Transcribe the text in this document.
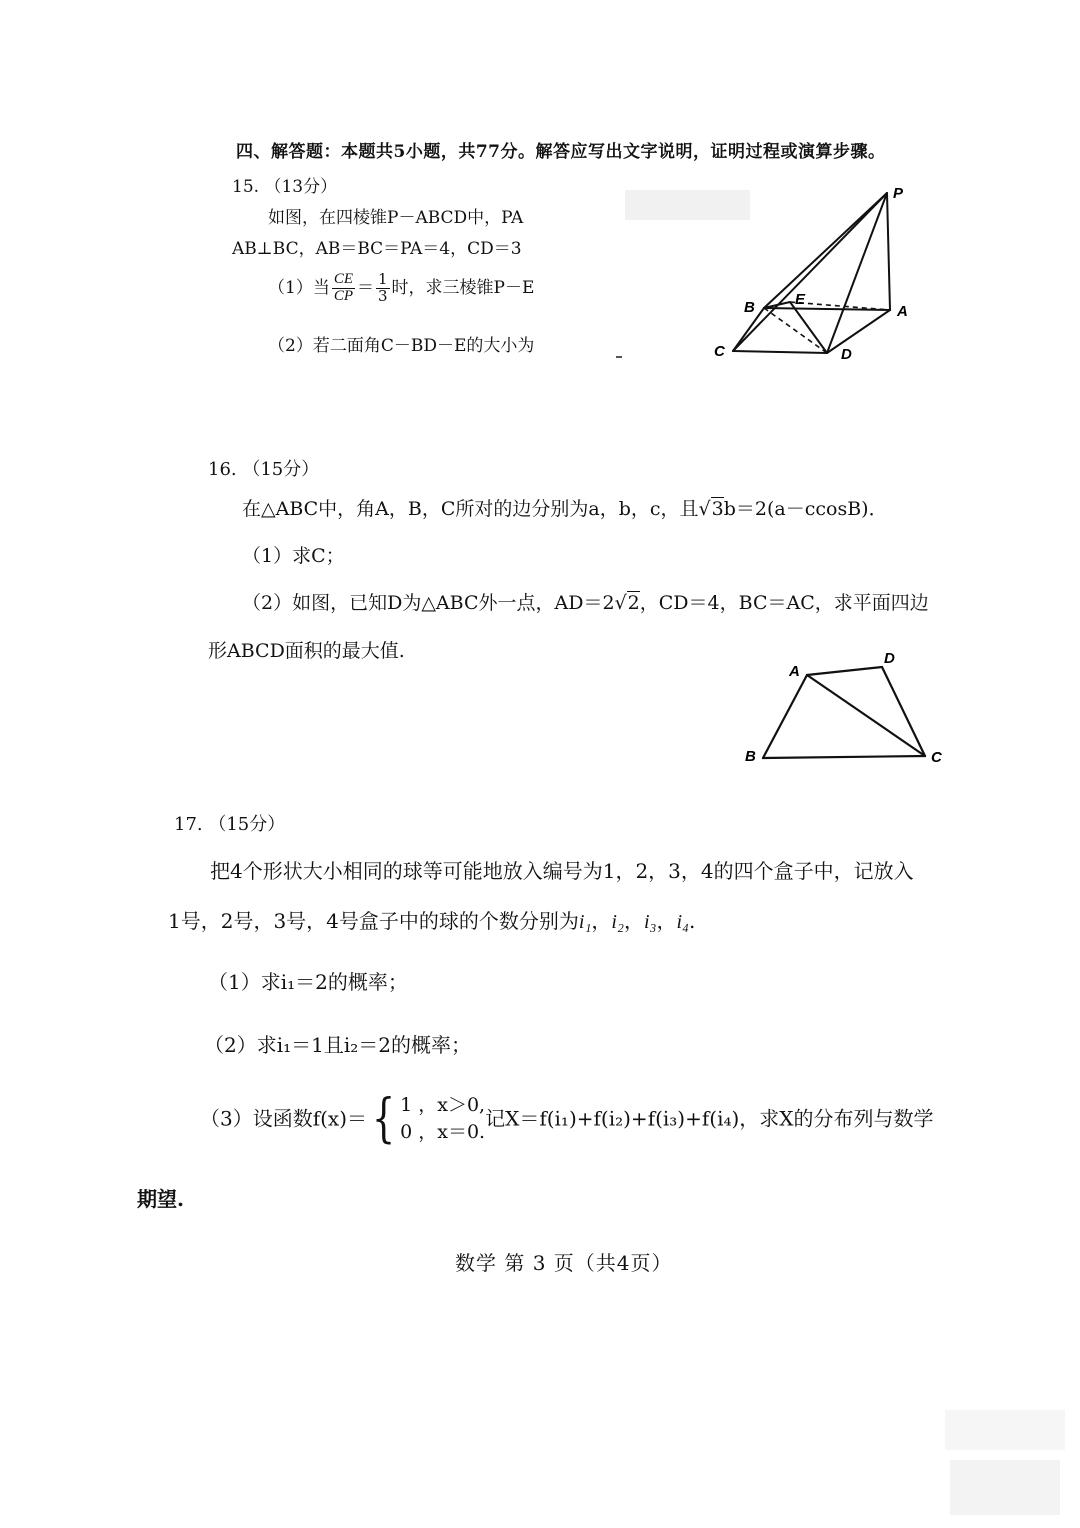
四、解答题：本题共5小题，共77分。解答应写出文字说明，证明过程或演算步骤。
15. （13分）
如图，在四棱锥P－ABCD中，PA
AB⊥BC，AB＝BC＝PA＝4，CD＝3
（1）当 $\frac{CE}{CP} = \frac{1}{3}$ 时，求三棱锥P－E
（2）若二面角C－BD－E的大小为
P
B	E
A
C	D
16. （15分）
在△ABC中，角A，B，C所对的边分别为a，b，c，且√3b＝2(a－ccosB)．
（1）求C；
（2）如图，已知D为△ABC外一点，AD＝2√2，CD＝4，BC＝AC，求平面四边
形ABCD面积的最大值.
A
D
B	C
17. （15分）
把4个形状大小相同的球等可能地放入编号为1，2，3，4的四个盒子中，记放入
1号，2号，3号，4号盒子中的球的个数分别为i₁，i₂，i₃，i₄.
（1）求i₁＝2的概率；
（2）求i₁＝1且i₂＝2的概率；
（3）设函数f(x)＝{ 1 ，x＞0,
0 ，x＝0.
记X＝f(i₁)+f(i₂)+f(i₃)+f(i₄)，求X的分布列与数学
期望.
数学 第 3 页（共4页）
